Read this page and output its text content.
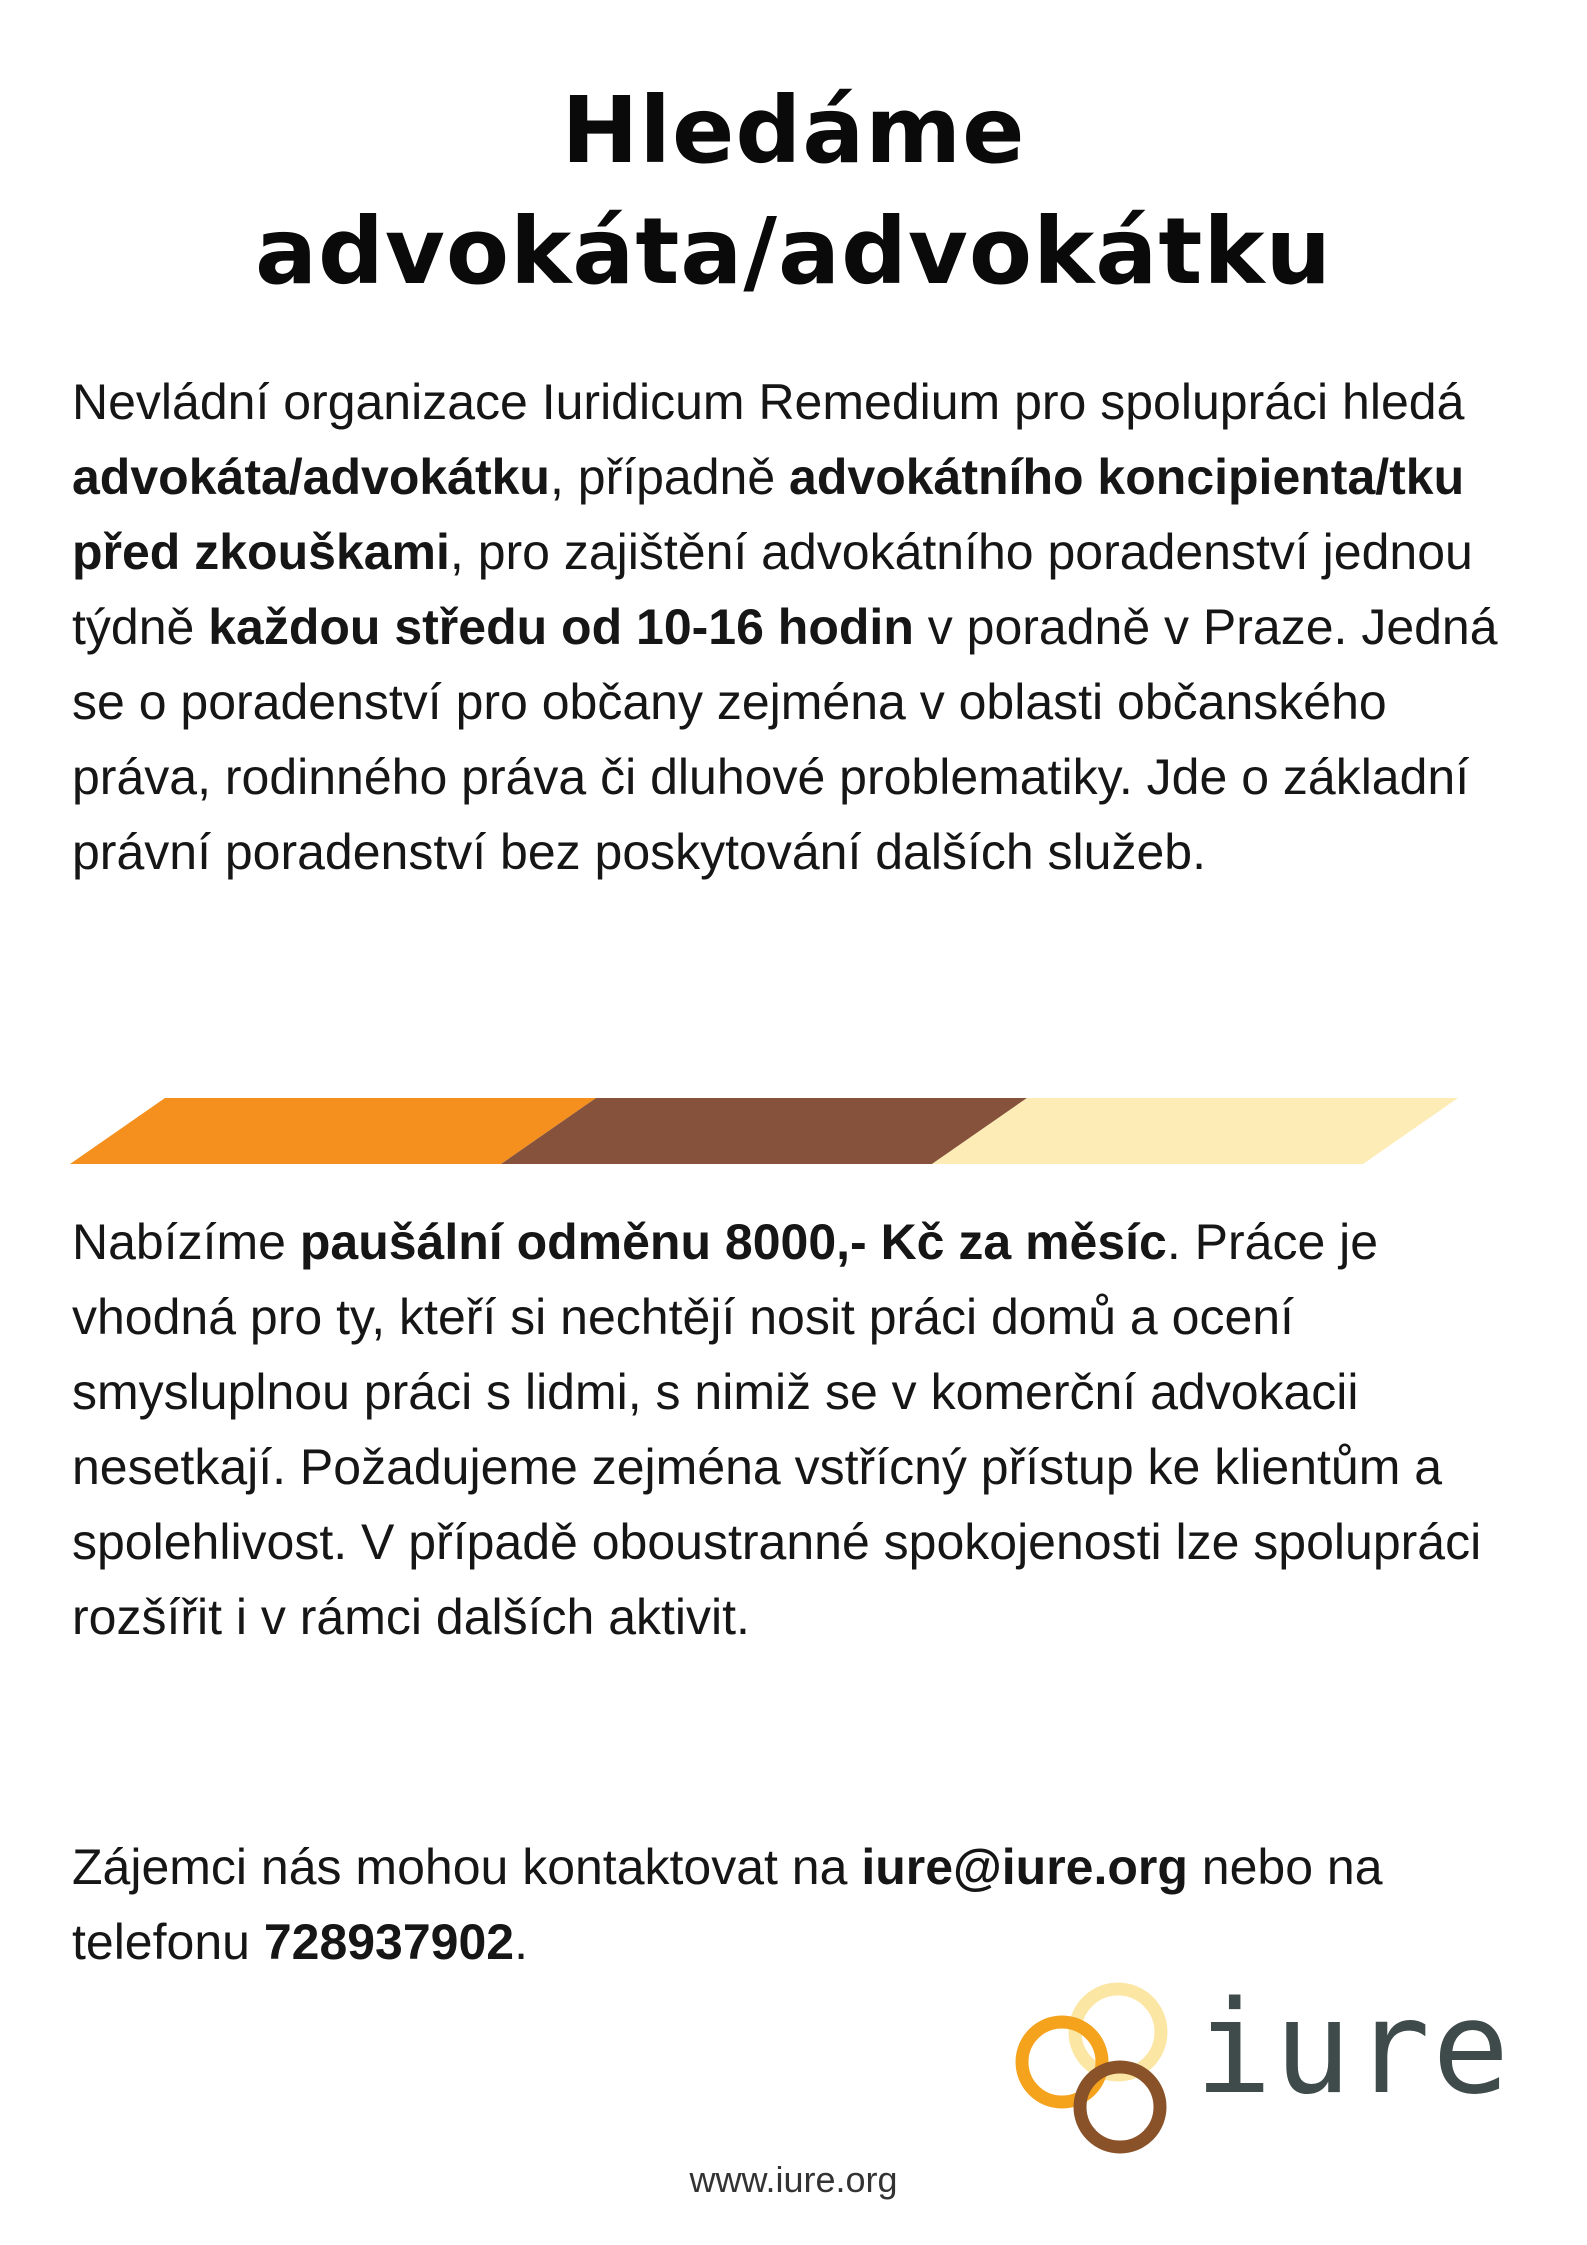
Hledáme
advokáta/advokátku

Nevládní organizace Iuridicum Remedium pro spolupráci hledá advokáta/advokátku, případně advokátního koncipienta/tku před zkouškami, pro zajištění advokátního poradenství jednou týdně každou středu od 10-16 hodin v poradně v Praze. Jedná se o poradenství pro občany zejména v oblasti občanského práva, rodinného práva či dluhové problematiky. Jde o základní právní poradenství bez poskytování dalších služeb.

Nabízíme paušální odměnu 8000,- Kč za měsíc. Práce je vhodná pro ty, kteří si nechtějí nosit práci domů a ocení smysluplnou práci s lidmi, s nimiž se v komerční advokacii nesetkají. Požadujeme zejména vstřícný přístup ke klientům a spolehlivost. V případě oboustranné spokojenosti lze spolupráci rozšířit i v rámci dalších aktivit.

Zájemci nás mohou kontaktovat na iure@iure.org nebo na telefonu 728937902.

iure
www.iure.org
